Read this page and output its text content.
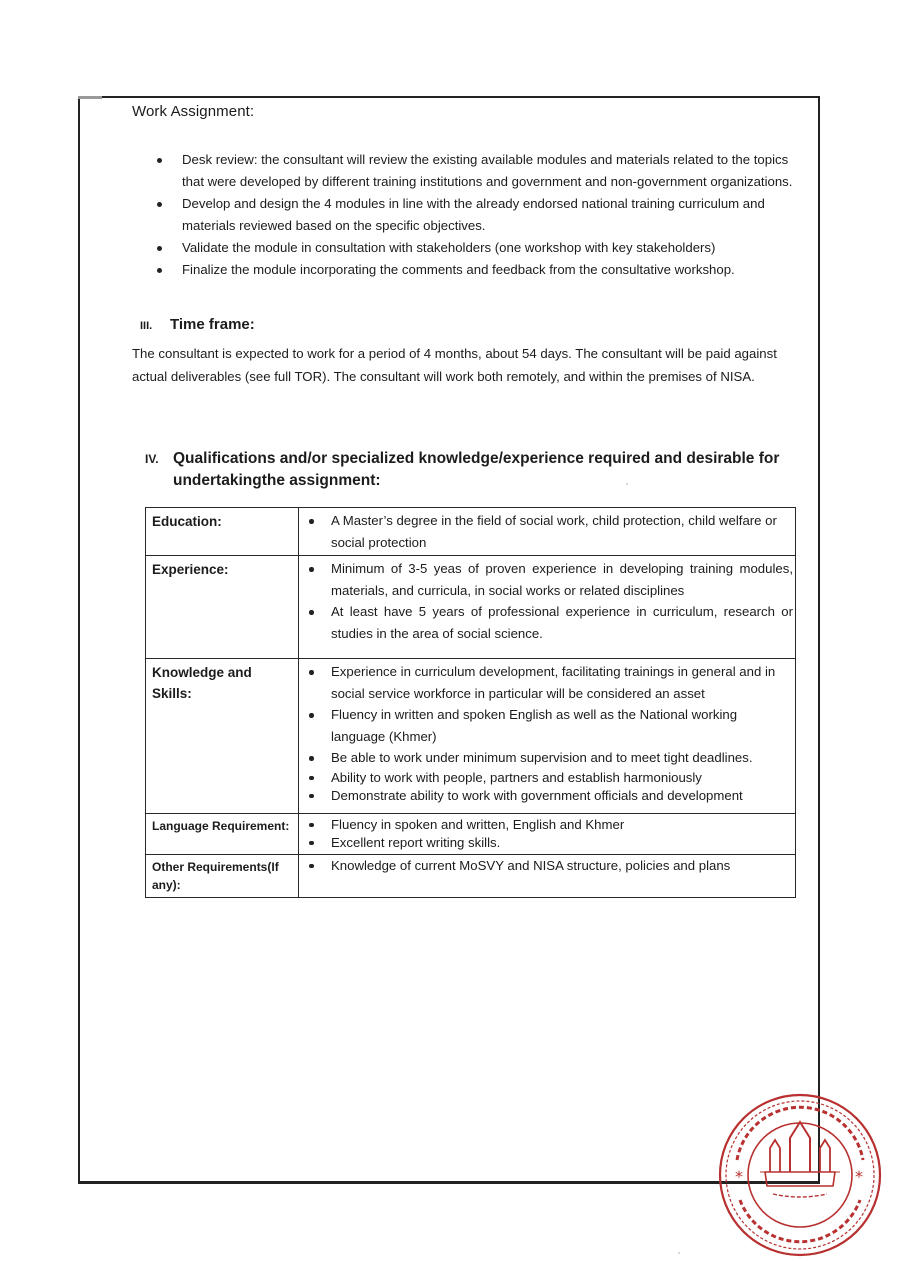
Work Assignment:
Desk review: the consultant will review the existing available modules and materials related to the topics that were developed by different training institutions and government and non-government organizations.
Develop and design the 4 modules in line with the already endorsed national training curriculum and materials reviewed based on the specific objectives.
Validate the module in consultation with stakeholders (one workshop with key stakeholders)
Finalize the module incorporating the comments and feedback from the consultative workshop.
III. Time frame:
The consultant is expected to work for a period of 4 months, about 54 days. The consultant will be paid against actual deliverables (see full TOR). The consultant will work both remotely, and within the premises of NISA.
IV. Qualifications and/or specialized knowledge/experience required and desirable for
undertakingthe assignment:
Education:	A Master’s degree in the field of social work, child protection, child welfare or social protection

Experience:	Minimum of 3-5 yeas of proven experience in developing training modules, materials, and curricula, in social works or related disciplines
At least have 5 years of professional experience in curriculum, research or studies in the area of social science.

Knowledge and Skills:	
Experience in curriculum development, facilitating trainings in general and in social service workforce in particular will be considered an asset
Fluency in written and spoken English as well as the National working language (Khmer)
Be able to work under minimum supervision and to meet tight deadlines.
Ability to work with people, partners and establish harmoniously
Demonstrate ability to work with government officials and development

Language Requirement:	Fluency in spoken and written, English and Khmer
Excellent report writing skills.

Other Requirements(If any):	
Knowledge of current MoSVY and NISA structure, policies and plans
*	*
